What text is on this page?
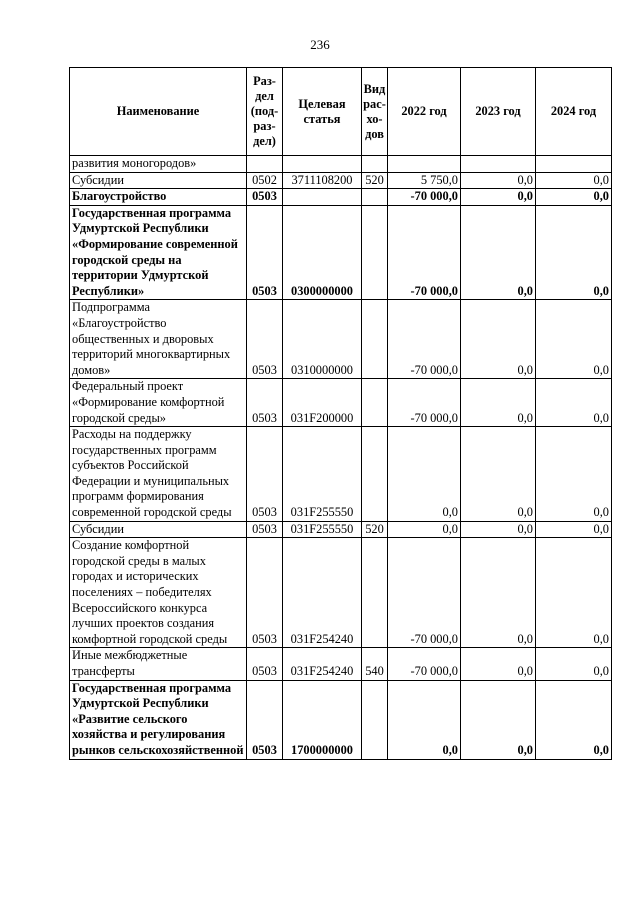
236
Наименование	Раз-дел (под-раз-дел)	Целевая статья	Вид рас-хо-дов	2022 год	2023 год	2024 год
развития моногородов»						
Субсидии	0502	3711108200	520	5 750,0	0,0	0,0
Благоустройство	0503			-70 000,0	0,0	0,0
Государственная программа Удмуртской Республики «Формирование современной городской среды на территории Удмуртской Республики»	0503	0300000000		-70 000,0	0,0	0,0
Подпрограмма «Благоустройство общественных и дворовых территорий многоквартирных домов»	0503	0310000000		-70 000,0	0,0	0,0
Федеральный проект «Формирование комфортной городской среды»	0503	031F200000		-70 000,0	0,0	0,0
Расходы на поддержку государственных программ субъектов Российской Федерации и муниципальных программ формирования современной городской среды	0503	031F255550		0,0	0,0	0,0
Субсидии	0503	031F255550	520	0,0	0,0	0,0
Создание комфортной городской среды в малых городах и исторических поселениях – победителях Всероссийского конкурса лучших проектов создания комфортной городской среды	0503	031F254240		-70 000,0	0,0	0,0
Иные межбюджетные трансферты	0503	031F254240	540	-70 000,0	0,0	0,0
Государственная программа Удмуртской Республики «Развитие сельского хозяйства и регулирования рынков сельскохозяйственной	0503	1700000000		0,0	0,0	0,0
